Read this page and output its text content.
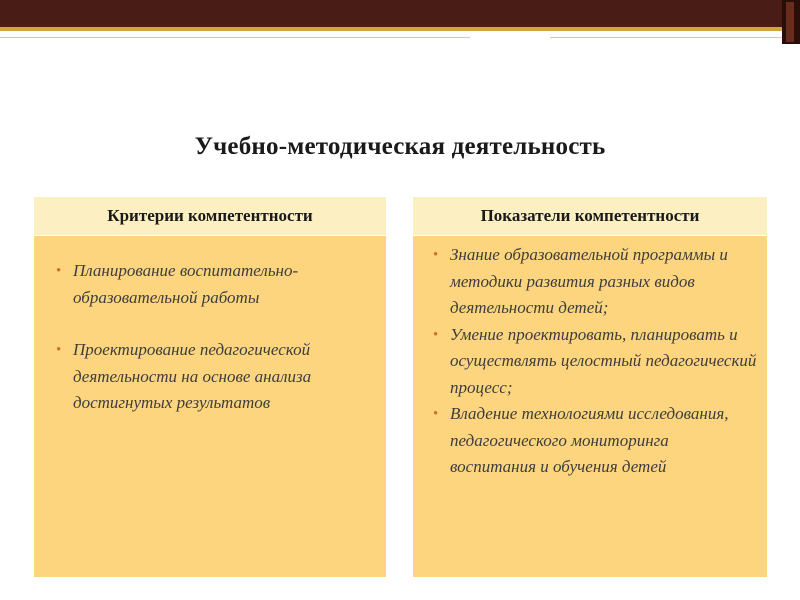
Учебно-методическая деятельность
Критерии компетентности
• Планирование воспитательно-образовательной работы
• Проектирование педагогической деятельности на основе анализа достигнутых результатов
Показатели компетентности
• Знание образовательной программы и методики развития разных видов деятельности детей;
• Умение проектировать, планировать и осуществлять целостный педагогический процесс;
• Владение технологиями исследования, педагогического мониторинга воспитания и обучения детей
